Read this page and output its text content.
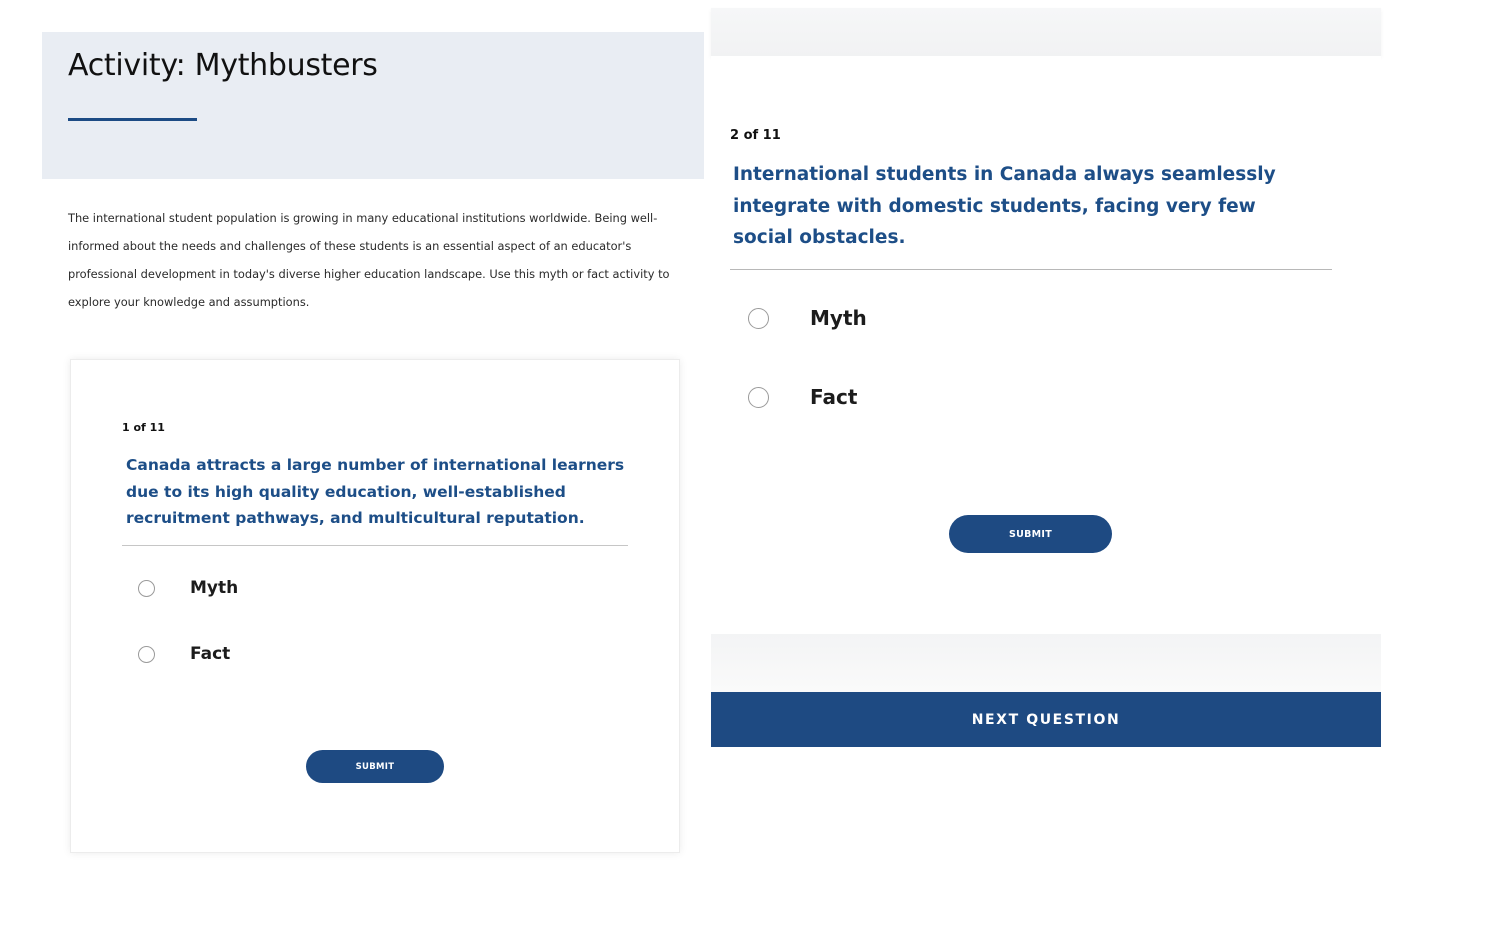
Activity: Mythbusters

The international student population is growing in many educational institutions worldwide. Being well-informed about the needs and challenges of these students is an essential aspect of an educator's professional development in today's diverse higher education landscape. Use this myth or fact activity to explore your knowledge and assumptions.

1 of 11

Canada attracts a large number of international learners due to its high quality education, well-established recruitment pathways, and multicultural reputation.

Myth
Fact
SUBMIT
2 of 11

International students in Canada always seamlessly integrate with domestic students, facing very few social obstacles.

Myth
Fact
SUBMIT
NEXT QUESTION
